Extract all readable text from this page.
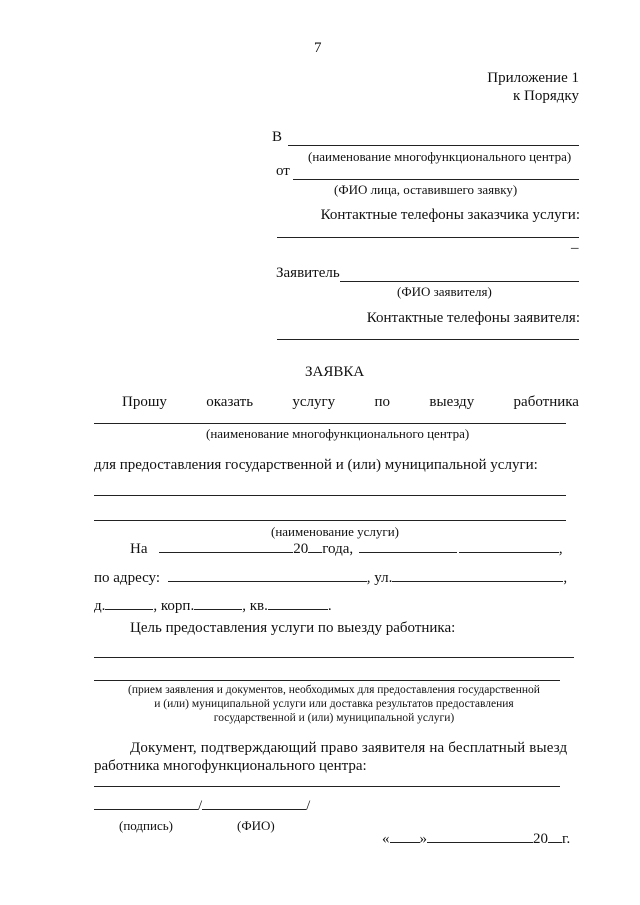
7
Приложение 1
к Порядку
В
(наименование многофункционального центра)
от
(ФИО лица, оставившего заявку)
Контактные телефоны заказчика услуги:
–
Заявитель
(ФИО заявителя)
Контактные телефоны заявителя:
ЗАЯВКА
Прошу	оказать	услугу	по	выезду	работника
(наименование многофункционального центра)
для предоставления государственной и (или) муниципальной услуги:
(наименование услуги)
На	20 года,	,
по адресу:	, ул.	,
д.	, корп.	, кв.	.
Цель предоставления услуги по выезду работника:
(прием заявления и документов, необходимых для предоставления государственной
и (или) муниципальной услуги или доставка результатов предоставления
государственной и (или) муниципальной услуги)
Документ, подтверждающий право заявителя на бесплатный выезд
работника многофункционального центра:
/	/
(подпись)	(ФИО)
« »	20 г.
